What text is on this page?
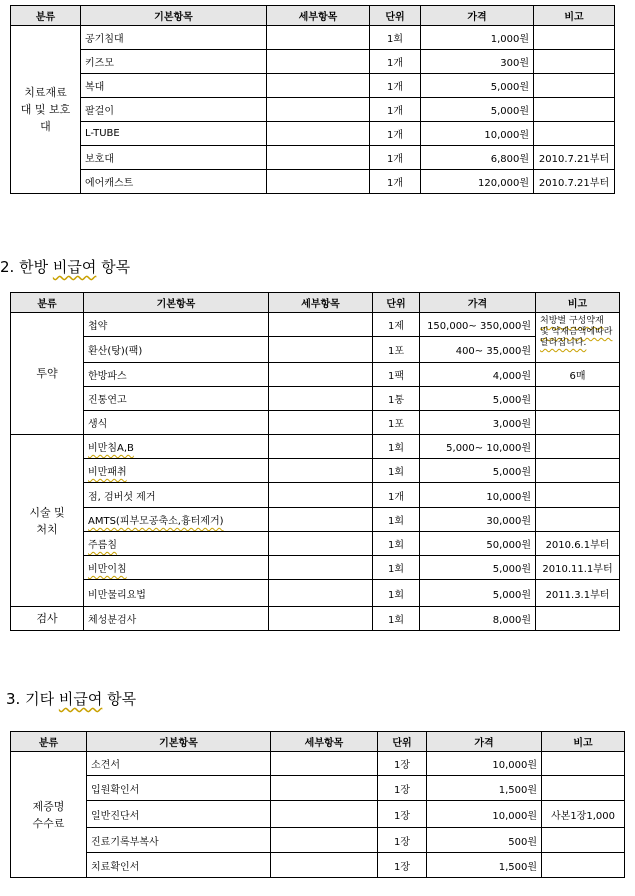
분류	기본항목	세부항목	단위	가격	비고
치료재료대 및 보호대	공기침대		1회	1,000원	
	키즈모		1개	300원	
	복대		1개	5,000원	
	팔걸이		1개	5,000원	
	L-TUBE		1개	10,000원	
	보호대		1개	6,800원	2010.7.21부터
	에어캐스트		1개	120,000원	2010.7.21부터
2. 한방 비급여 항목
분류	기본항목	세부항목	단위	가격	비고
투약	첩약		1제	150,000~ 350,000원	처방별 구성약재 및 약재금액에따라달라집니다.
	환산(탕)(팩)		1포	400~ 35,000원	
	한방파스		1팩	4,000원	6매
	진통연고		1통	5,000원	
	생식		1포	3,000원	
시술 및 처치	비만침A,B		1회	5,000~ 10,000원	
	비만패취		1회	5,000원	
	점, 검버섯 제거		1개	10,000원	
	AMTS(피부모공축소,흉터제거)		1회	30,000원	
	주름침		1회	50,000원	2010.6.1부터
	비만이침		1회	5,000원	2010.11.1부터
	비만물리요법		1회	5,000원	2011.3.1부터
검사	체성분검사		1회	8,000원	
3. 기타 비급여 항목
분류	기본항목	세부항목	단위	가격	비고
제증명 수수료	소견서		1장	10,000원	
	입원확인서		1장	1,500원	
	일반진단서		1장	10,000원	사본1장1,000
	진료기록부복사		1장	500원	
	치료확인서		1장	1,500원	
